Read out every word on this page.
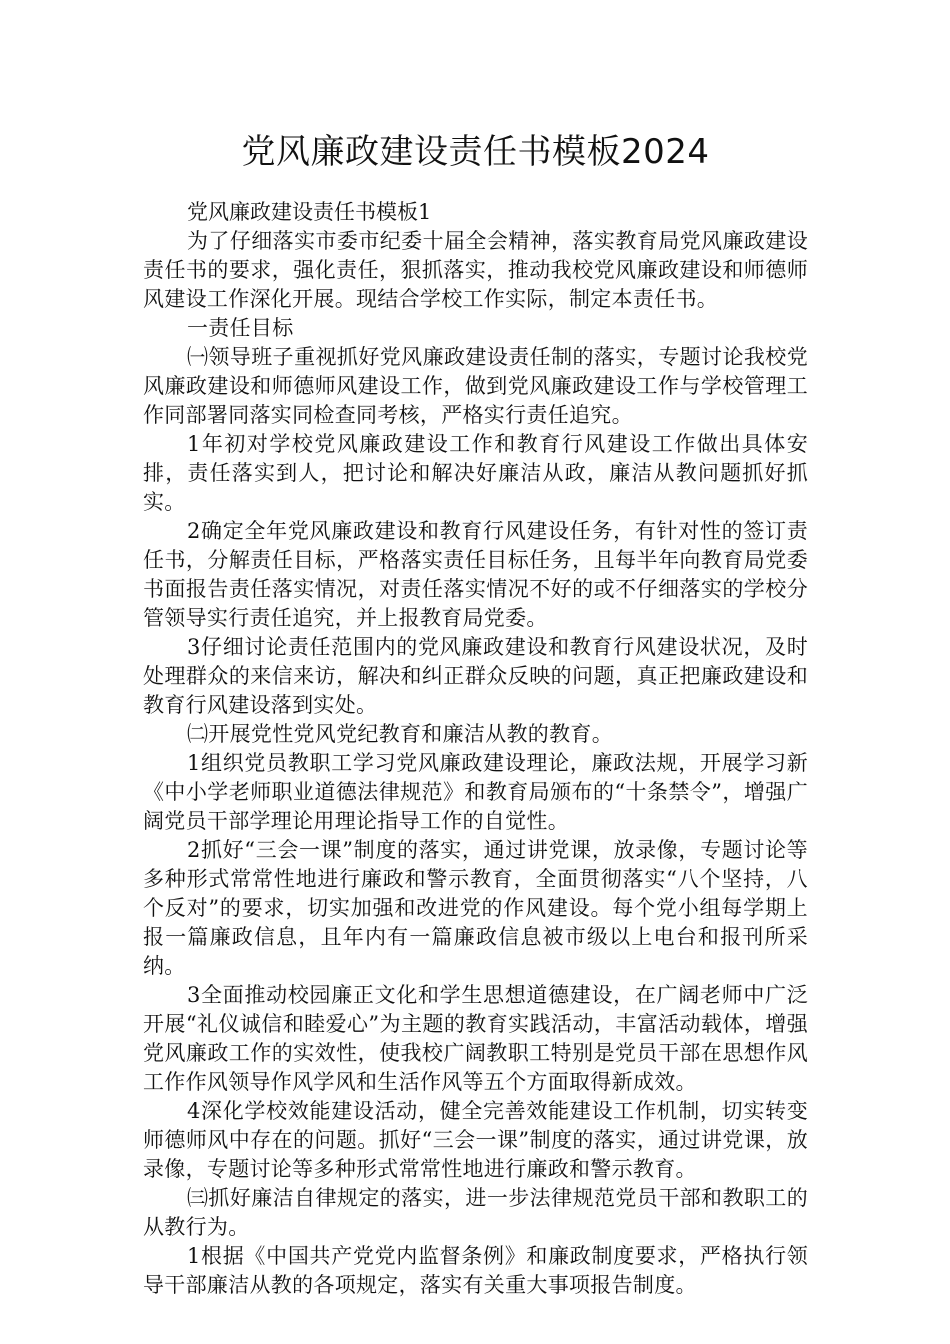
党风廉政建设责任书模板2024
党风廉政建设责任书模板1

为了仔细落实市委市纪委十届全会精神，落实教育局党风廉政建设责任书的要求，强化责任，狠抓落实，推动我校党风廉政建设和师德师风建设工作深化开展。现结合学校工作实际，制定本责任书。

一责任目标

㈠领导班子重视抓好党风廉政建设责任制的落实，专题讨论我校党风廉政建设和师德师风建设工作，做到党风廉政建设工作与学校管理工作同部署同落实同检查同考核，严格实行责任追究。

1年初对学校党风廉政建设工作和教育行风建设工作做出具体安排，责任落实到人，把讨论和解决好廉洁从政，廉洁从教问题抓好抓实。

2确定全年党风廉政建设和教育行风建设任务，有针对性的签订责任书，分解责任目标，严格落实责任目标任务，且每半年向教育局党委书面报告责任落实情况，对责任落实情况不好的或不仔细落实的学校分管领导实行责任追究，并上报教育局党委。

3仔细讨论责任范围内的党风廉政建设和教育行风建设状况，及时处理群众的来信来访，解决和纠正群众反映的问题，真正把廉政建设和教育行风建设落到实处。

㈡开展党性党风党纪教育和廉洁从教的教育。

1组织党员教职工学习党风廉政建设理论，廉政法规，开展学习新《中小学老师职业道德法律规范》和教育局颁布的“十条禁令”，增强广阔党员干部学理论用理论指导工作的自觉性。

2抓好“三会一课”制度的落实，通过讲党课，放录像，专题讨论等多种形式常常性地进行廉政和警示教育，全面贯彻落实“八个坚持，八个反对”的要求，切实加强和改进党的作风建设。每个党小组每学期上报一篇廉政信息，且年内有一篇廉政信息被市级以上电台和报刊所采纳。

3全面推动校园廉正文化和学生思想道德建设，在广阔老师中广泛开展“礼仪诚信和睦爱心”为主题的教育实践活动，丰富活动载体，增强党风廉政工作的实效性，使我校广阔教职工特别是党员干部在思想作风工作作风领导作风学风和生活作风等五个方面取得新成效。

4深化学校效能建设活动，健全完善效能建设工作机制，切实转变师德师风中存在的问题。抓好“三会一课”制度的落实，通过讲党课，放录像，专题讨论等多种形式常常性地进行廉政和警示教育。

㈢抓好廉洁自律规定的落实，进一步法律规范党员干部和教职工的从教行为。

1根据《中国共产党党内监督条例》和廉政制度要求，严格执行领导干部廉洁从教的各项规定，落实有关重大事项报告制度。
